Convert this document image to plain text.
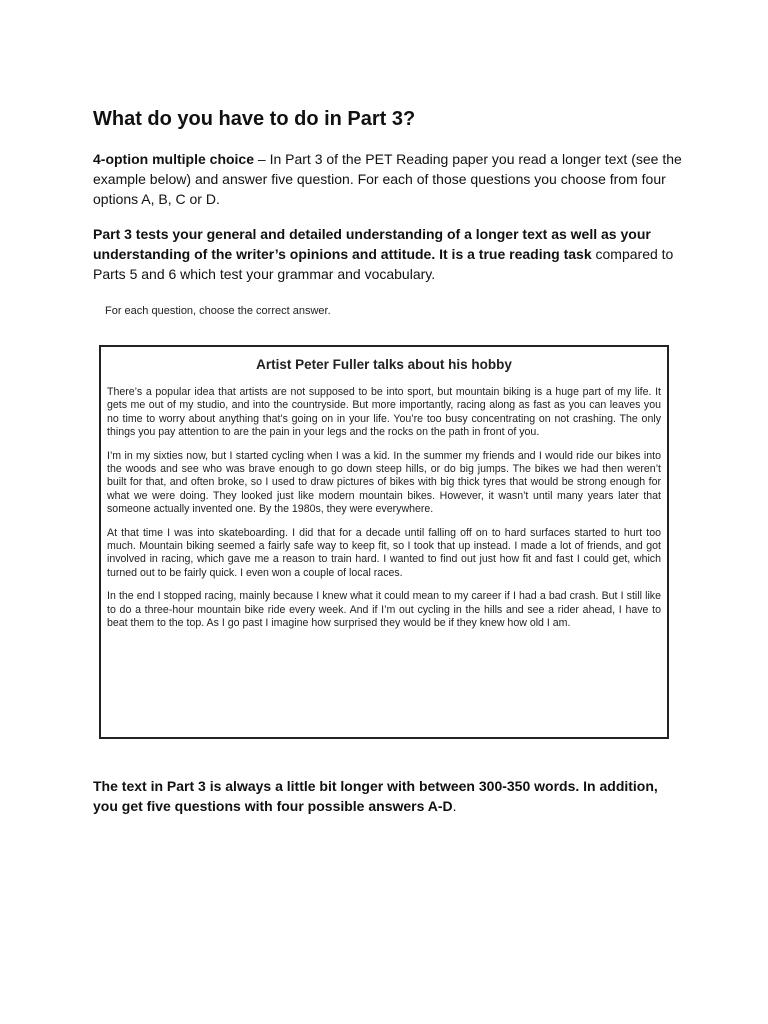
What do you have to do in Part 3?

4-option multiple choice – In Part 3 of the PET Reading paper you read a longer text (see the example below) and answer five question. For each of those questions you choose from four options A, B, C or D.

Part 3 tests your general and detailed understanding of a longer text as well as your understanding of the writer’s opinions and attitude. It is a true reading task compared to Parts 5 and 6 which test your grammar and vocabulary.

For each question, choose the correct answer.

Artist Peter Fuller talks about his hobby

There’s a popular idea that artists are not supposed to be into sport, but mountain biking is a huge part of my life. It gets me out of my studio, and into the countryside. But more importantly, racing along as fast as you can leaves you no time to worry about anything that’s going on in your life. You’re too busy concentrating on not crashing. The only things you pay attention to are the pain in your legs and the rocks on the path in front of you.

I’m in my sixties now, but I started cycling when I was a kid. In the summer my friends and I would ride our bikes into the woods and see who was brave enough to go down steep hills, or do big jumps. The bikes we had then weren’t built for that, and often broke, so I used to draw pictures of bikes with big thick tyres that would be strong enough for what we were doing. They looked just like modern mountain bikes. However, it wasn’t until many years later that someone actually invented one. By the 1980s, they were everywhere.

At that time I was into skateboarding. I did that for a decade until falling off on to hard surfaces started to hurt too much. Mountain biking seemed a fairly safe way to keep fit, so I took that up instead. I made a lot of friends, and got involved in racing, which gave me a reason to train hard. I wanted to find out just how fit and fast I could get, which turned out to be fairly quick. I even won a couple of local races.

In the end I stopped racing, mainly because I knew what it could mean to my career if I had a bad crash. But I still like to do a three-hour mountain bike ride every week. And if I’m out cycling in the hills and see a rider ahead, I have to beat them to the top. As I go past I imagine how surprised they would be if they knew how old I am.

The text in Part 3 is always a little bit longer with between 300-350 words. In addition, you get five questions with four possible answers A-D.
